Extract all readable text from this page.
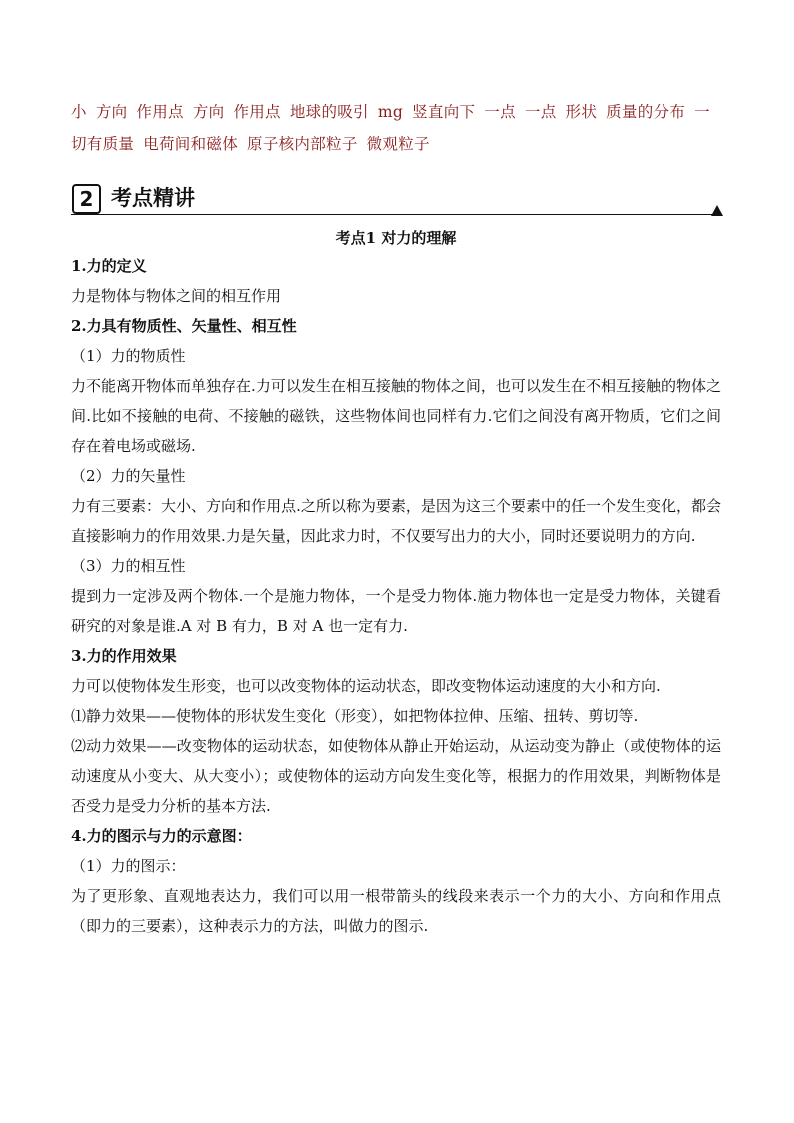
小 方向 作用点 方向 作用点 地球的吸引 mg 竖直向下 一点 一点 形状 质量的分布 一切有质量 电荷间和磁体 原子核内部粒子 微观粒子
2 考点精讲
考点1 对力的理解
1.力的定义
力是物体与物体之间的相互作用
2.力具有物质性、矢量性、相互性
（1）力的物质性
力不能离开物体而单独存在.力可以发生在相互接触的物体之间，也可以发生在不相互接触的物体之间.比如不接触的电荷、不接触的磁铁，这些物体间也同样有力.它们之间没有离开物质，它们之间存在着电场或磁场.
（2）力的矢量性
力有三要素：大小、方向和作用点.之所以称为要素，是因为这三个要素中的任一个发生变化，都会直接影响力的作用效果.力是矢量，因此求力时，不仅要写出力的大小，同时还要说明力的方向.
（3）力的相互性
提到力一定涉及两个物体.一个是施力物体，一个是受力物体.施力物体也一定是受力物体，关键看研究的对象是谁.A 对 B 有力，B 对 A 也一定有力.
3.力的作用效果
力可以使物体发生形变，也可以改变物体的运动状态，即改变物体运动速度的大小和方向.
⑴静力效果——使物体的形状发生变化（形变），如把物体拉伸、压缩、扭转、剪切等.
⑵动力效果——改变物体的运动状态，如使物体从静止开始运动，从运动变为静止（或使物体的运动速度从小变大、从大变小）；或使物体的运动方向发生变化等，根据力的作用效果，判断物体是否受力是受力分析的基本方法.
4.力的图示与力的示意图：
（1）力的图示：
为了更形象、直观地表达力，我们可以用一根带箭头的线段来表示一个力的大小、方向和作用点（即力的三要素），这种表示力的方法，叫做力的图示.
